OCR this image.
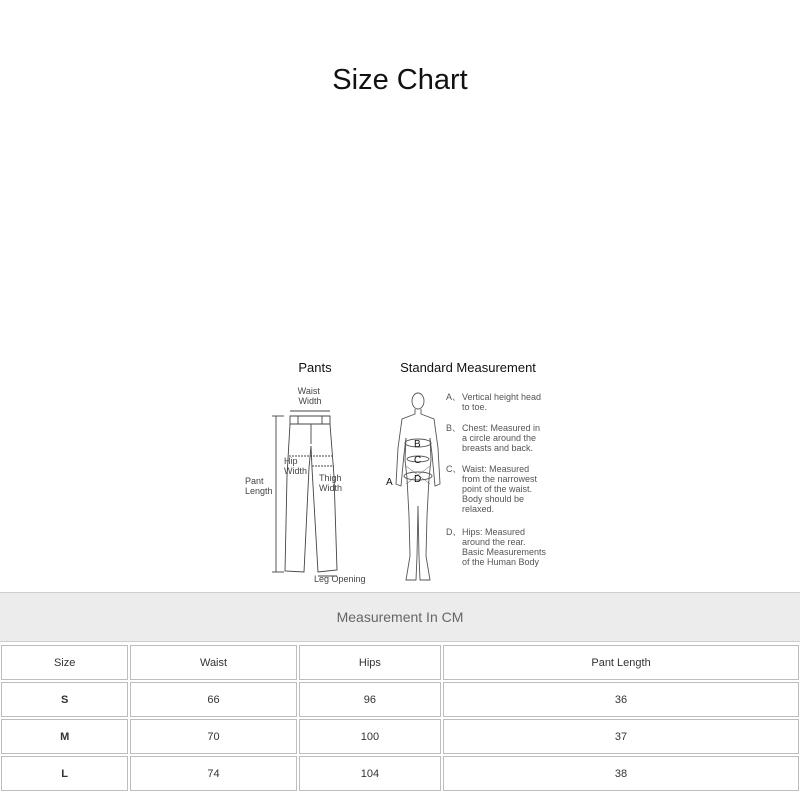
Size Chart
Pants
Waist Width
Hip Width
Thigh Width
Pant Length
Leg Opening
Standard Measurement
A
B
C
D
A、 Vertical height head to toe.
B、 Chest: Measured in a circle around the breasts and back.
C、 Waist: Measured from the narrowest point of the waist. Body should be relaxed.
D、 Hips: Measured around the rear. Basic Measurements of the Human Body
Measurement In CM
Size	Waist	Hips	Pant Length
S	66	96	36
M	70	100	37
L	74	104	38
